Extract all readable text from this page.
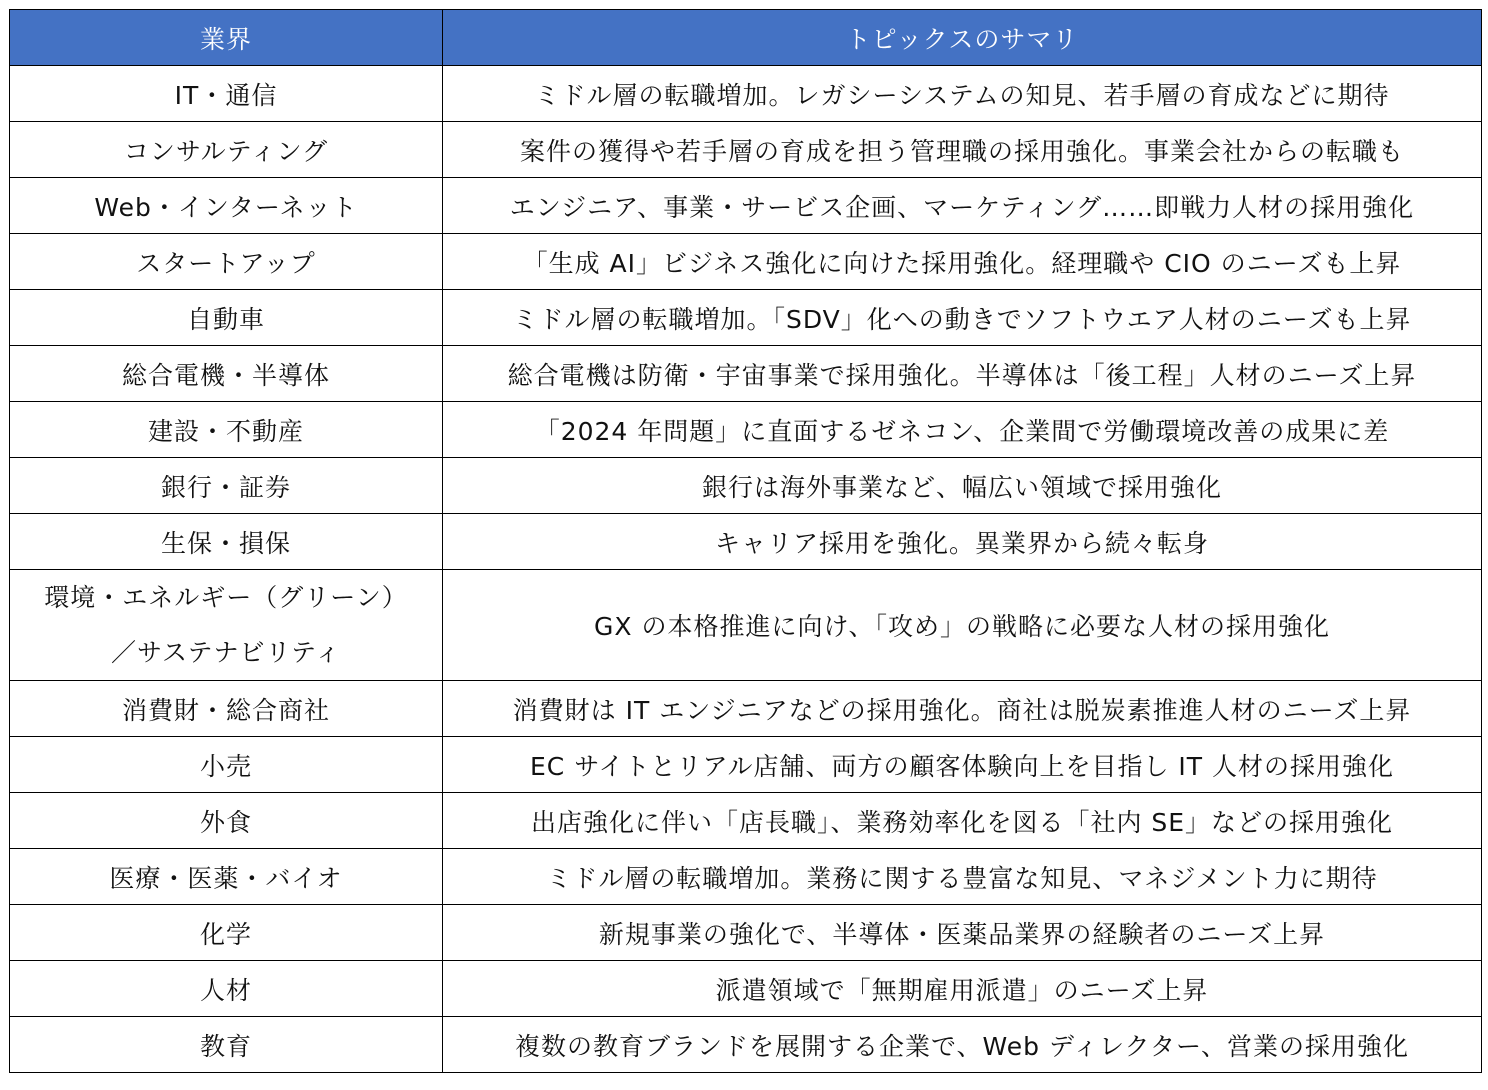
業界	トピックスのサマリ
IT・通信	ミドル層の転職増加。レガシーシステムの知見、若手層の育成などに期待
コンサルティング	案件の獲得や若手層の育成を担う管理職の採用強化。事業会社からの転職も
Web・インターネット	エンジニア、事業・サービス企画、マーケティング……即戦力人材の採用強化
スタートアップ	「生成 AI」ビジネス強化に向けた採用強化。経理職や CIO のニーズも上昇
自動車	ミドル層の転職増加。「SDV」化への動きでソフトウエア人材のニーズも上昇
総合電機・半導体	総合電機は防衛・宇宙事業で採用強化。半導体は「後工程」人材のニーズ上昇
建設・不動産	「2024 年問題」に直面するゼネコン、企業間で労働環境改善の成果に差
銀行・証券	銀行は海外事業など、幅広い領域で採用強化
生保・損保	キャリア採用を強化。異業界から続々転身

環境・エネルギー（グリーン）
／サステナビリティ	GX の本格推進に向け、「攻め」の戦略に必要な人材の採用強化
消費財・総合商社	消費財は IT エンジニアなどの採用強化。商社は脱炭素推進人材のニーズ上昇
小売	EC サイトとリアル店舗、両方の顧客体験向上を目指し IT 人材の採用強化
外食	出店強化に伴い「店長職」、業務効率化を図る「社内 SE」などの採用強化
医療・医薬・バイオ	ミドル層の転職増加。業務に関する豊富な知見、マネジメント力に期待
化学	新規事業の強化で、半導体・医薬品業界の経験者のニーズ上昇
人材	派遣領域で「無期雇用派遣」のニーズ上昇
教育	複数の教育ブランドを展開する企業で、Web ディレクター、営業の採用強化
